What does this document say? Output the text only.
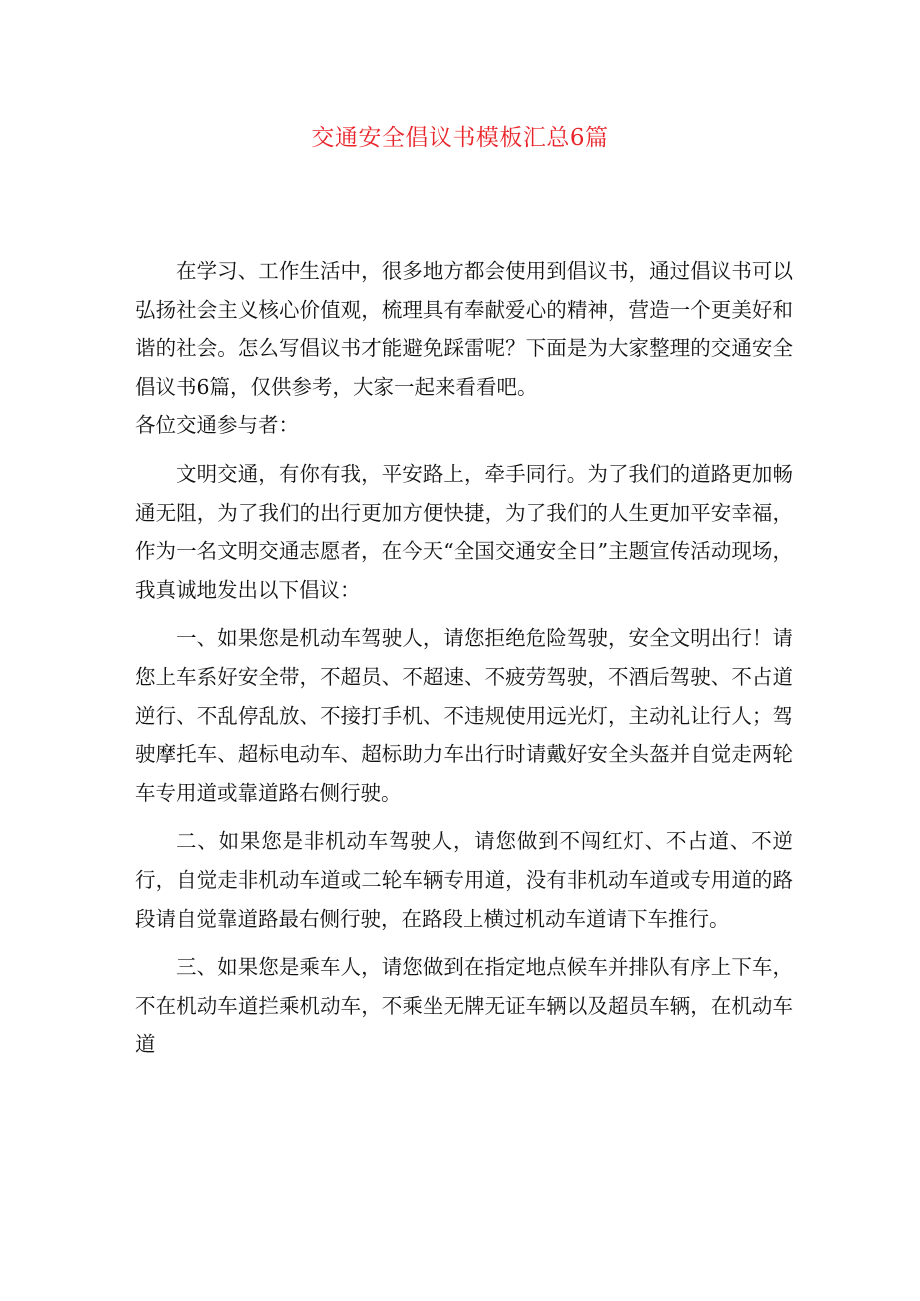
交通安全倡议书模板汇总6篇

在学习、工作生活中，很多地方都会使用到倡议书，通过倡议书可以弘扬社会主义核心价值观，梳理具有奉献爱心的精神，营造一个更美好和谐的社会。怎么写倡议书才能避免踩雷呢？下面是为大家整理的交通安全倡议书6篇，仅供参考，大家一起来看看吧。

各位交通参与者：

文明交通，有你有我，平安路上，牵手同行。为了我们的道路更加畅通无阻，为了我们的出行更加方便快捷，为了我们的人生更加平安幸福，作为一名文明交通志愿者，在今天“全国交通安全日”主题宣传活动现场，我真诚地发出以下倡议：

一、如果您是机动车驾驶人，请您拒绝危险驾驶，安全文明出行！请您上车系好安全带，不超员、不超速、不疲劳驾驶，不酒后驾驶、不占道逆行、不乱停乱放、不接打手机、不违规使用远光灯，主动礼让行人；驾驶摩托车、超标电动车、超标助力车出行时请戴好安全头盔并自觉走两轮车专用道或靠道路右侧行驶。

二、如果您是非机动车驾驶人，请您做到不闯红灯、不占道、不逆行，自觉走非机动车道或二轮车辆专用道，没有非机动车道或专用道的路段请自觉靠道路最右侧行驶，在路段上横过机动车道请下车推行。

三、如果您是乘车人，请您做到在指定地点候车并排队有序上下车，不在机动车道拦乘机动车，不乘坐无牌无证车辆以及超员车辆，在机动车道
